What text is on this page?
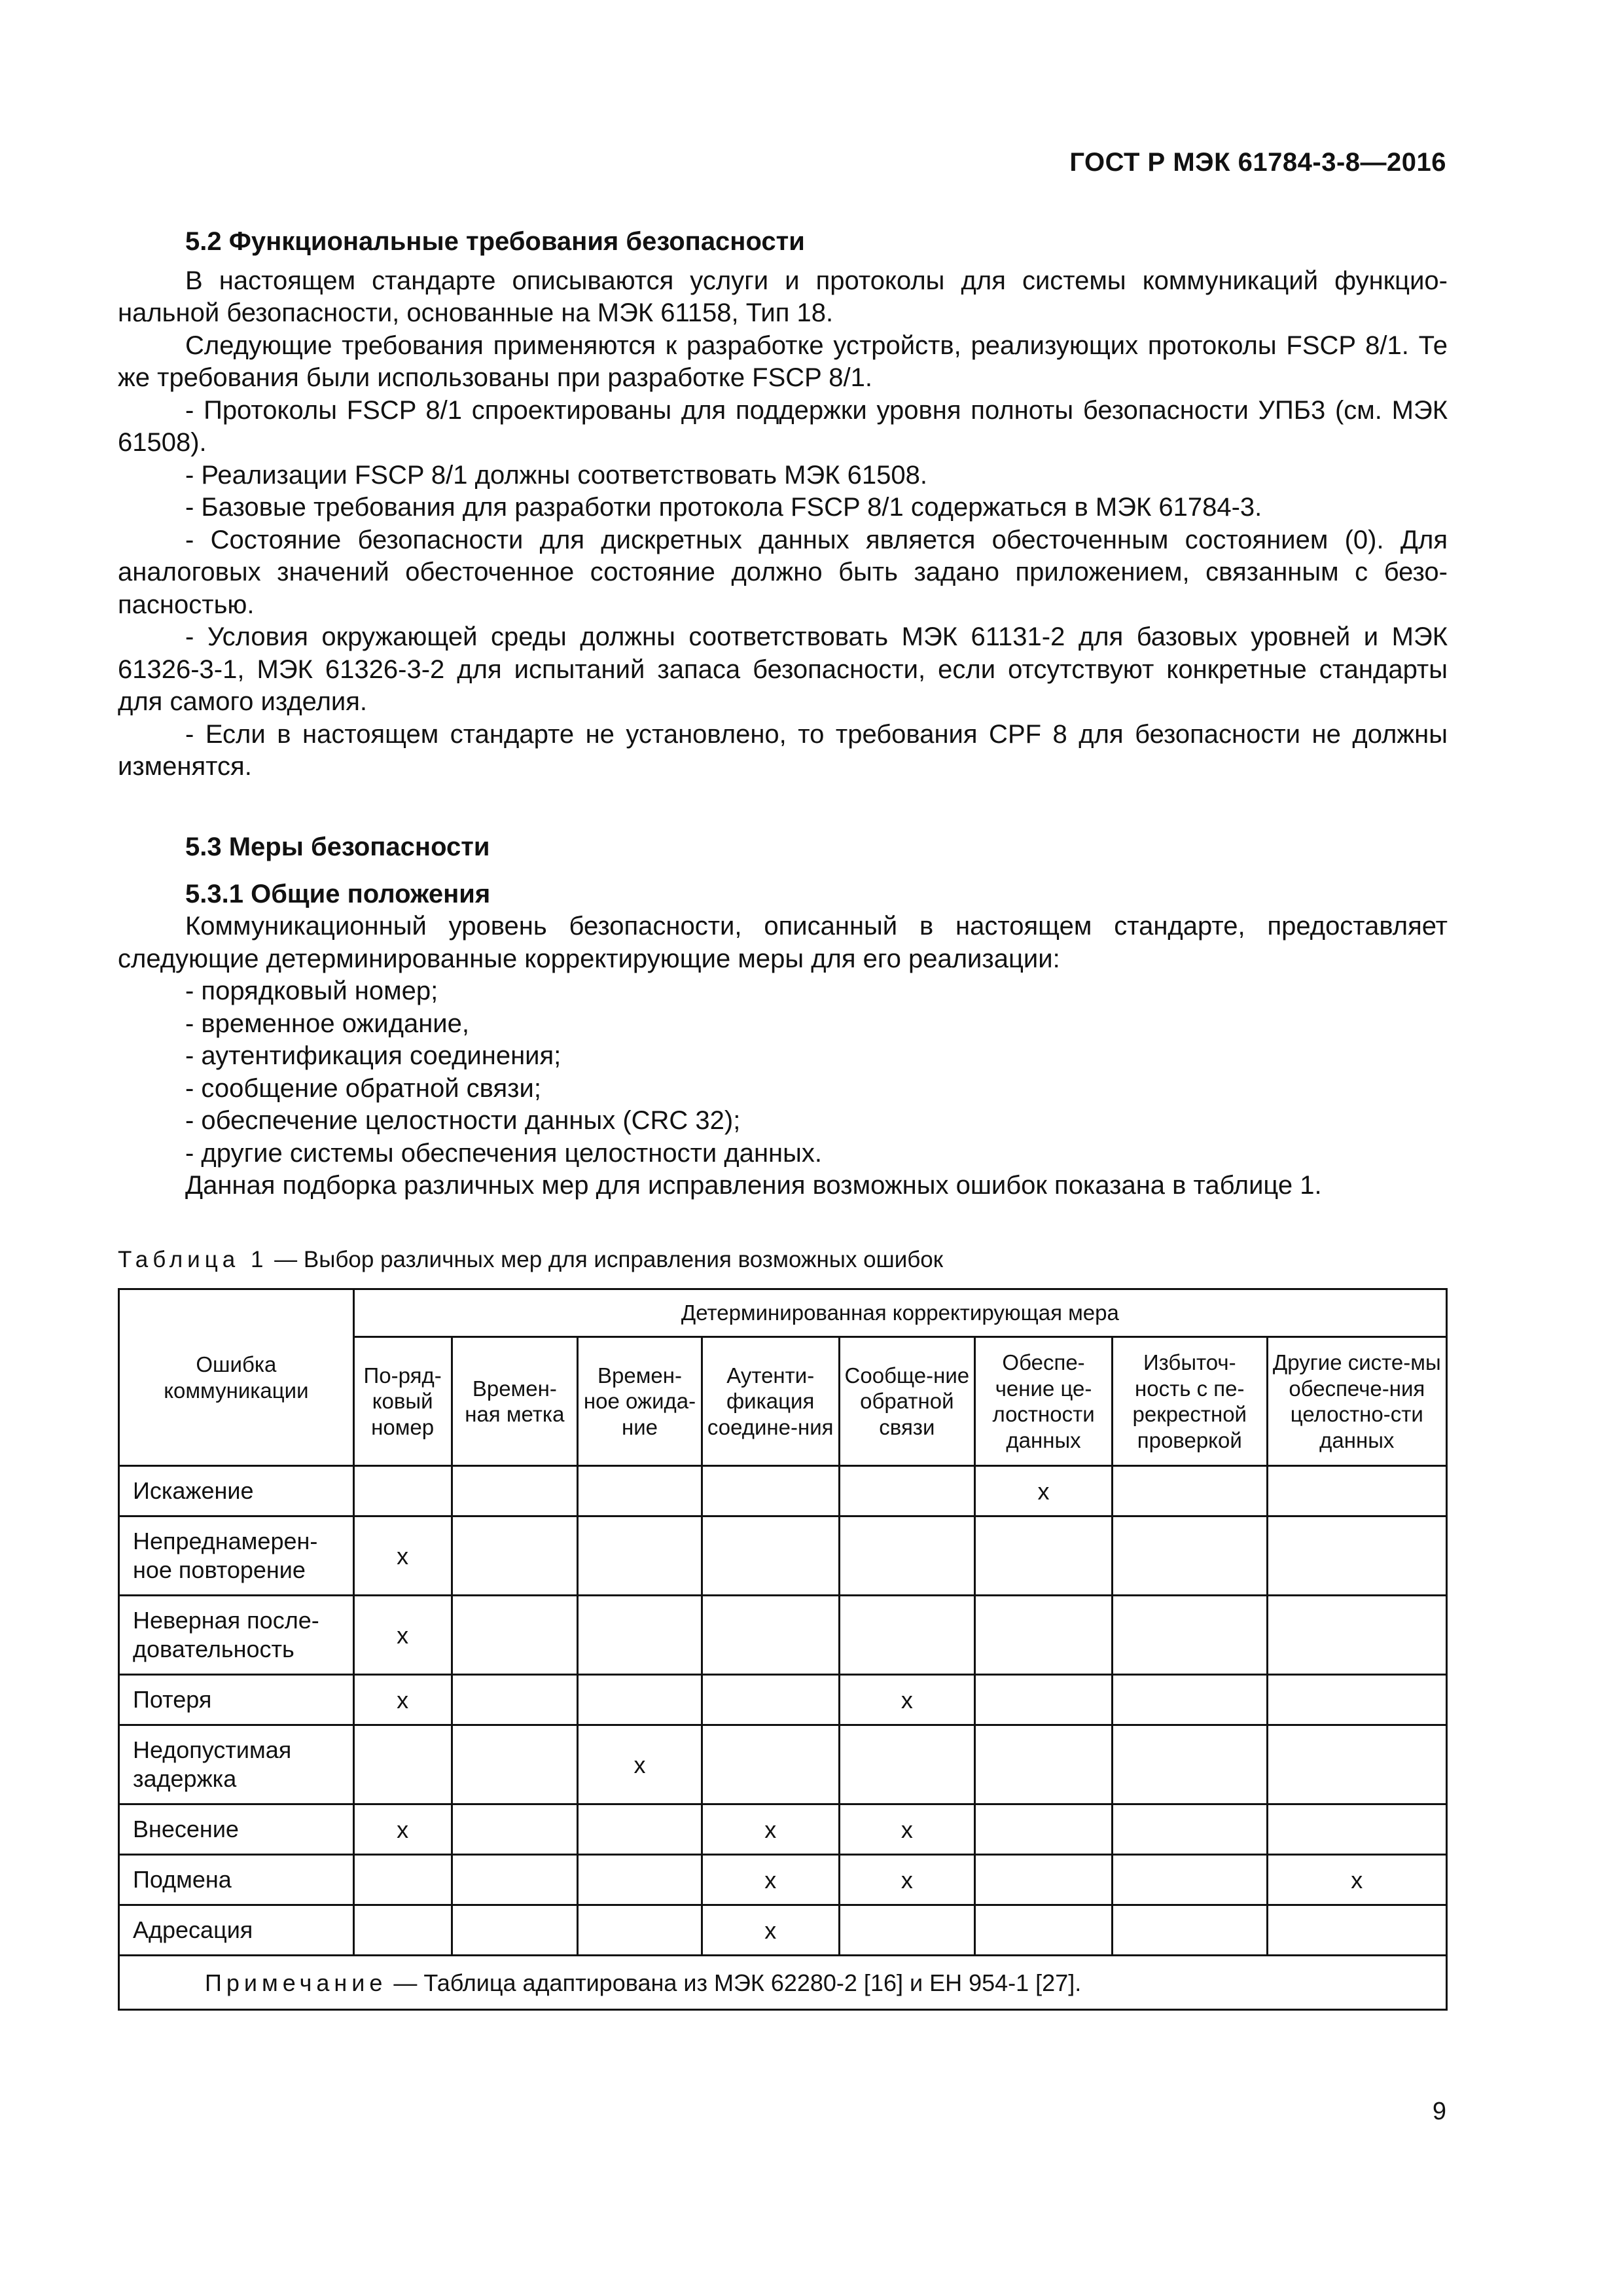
ГОСТ Р МЭК 61784-3-8—2016

5.2 Функциональные требования безопасности

В настоящем стандарте описываются услуги и протоколы для системы коммуникаций функциональной безопасности, основанные на МЭК 61158, Тип 18.

Следующие требования применяются к разработке устройств, реализующих протоколы FSCP 8/1. Те же требования были использованы при разработке FSCP 8/1.

- Протоколы FSCP 8/1 спроектированы для поддержки уровня полноты безопасности УПБ3 (см. МЭК 61508).

- Реализации FSCP 8/1 должны соответствовать МЭК 61508.

- Базовые требования для разработки протокола FSCP 8/1 содержаться в МЭК 61784-3.

- Состояние безопасности для дискретных данных является обесточенным состоянием (0). Для аналоговых значений обесточенное состояние должно быть задано приложением, связанным с безопасностью.

- Условия окружающей среды должны соответствовать МЭК 61131-2 для базовых уровней и МЭК 61326-3-1, МЭК 61326-3-2 для испытаний запаса безопасности, если отсутствуют конкретные стандарты для самого изделия.

- Если в настоящем стандарте не установлено, то требования CPF 8 для безопасности не должны изменятся.

5.3 Меры безопасности

5.3.1 Общие положения

Коммуникационный уровень безопасности, описанный в настоящем стандарте, предоставляет следующие детерминированные корректирующие меры для его реализации:

- порядковый номер;

- временное ожидание,

- аутентификация соединения;

- сообщение обратной связи;

- обеспечение целостности данных (CRC 32);

- другие системы обеспечения целостности данных.

Данная подборка различных мер для исправления возможных ошибок показана в таблице 1.

Таблица 1 — Выбор различных мер для исправления возможных ошибок
Ошибка коммуникации	Детерминированная корректирующая мера							
	По-ряд-ковый номер	Времен-ная метка	Времен-ное ожида-ние	Аутенти-фикация соедине-ния	Сообще-ние обратной связи	Обеспе-чение це-лостности данных	Избыточ-ность с пе-рекрестной проверкой	Другие систе-мы обеспече-ния целостно-сти данных
Искажение						x		
Непреднамерен-ное повторение	x							
Неверная после-довательность	x							
Потеря	x				x			
Недопустимая задержка			x					
Внесение	x			x	x			
Подмена				x	x			x
Адресация				x				
Примечание — Таблица адаптирована из МЭК 62280-2 [16] и ЕН 954-1 [27].								
9
